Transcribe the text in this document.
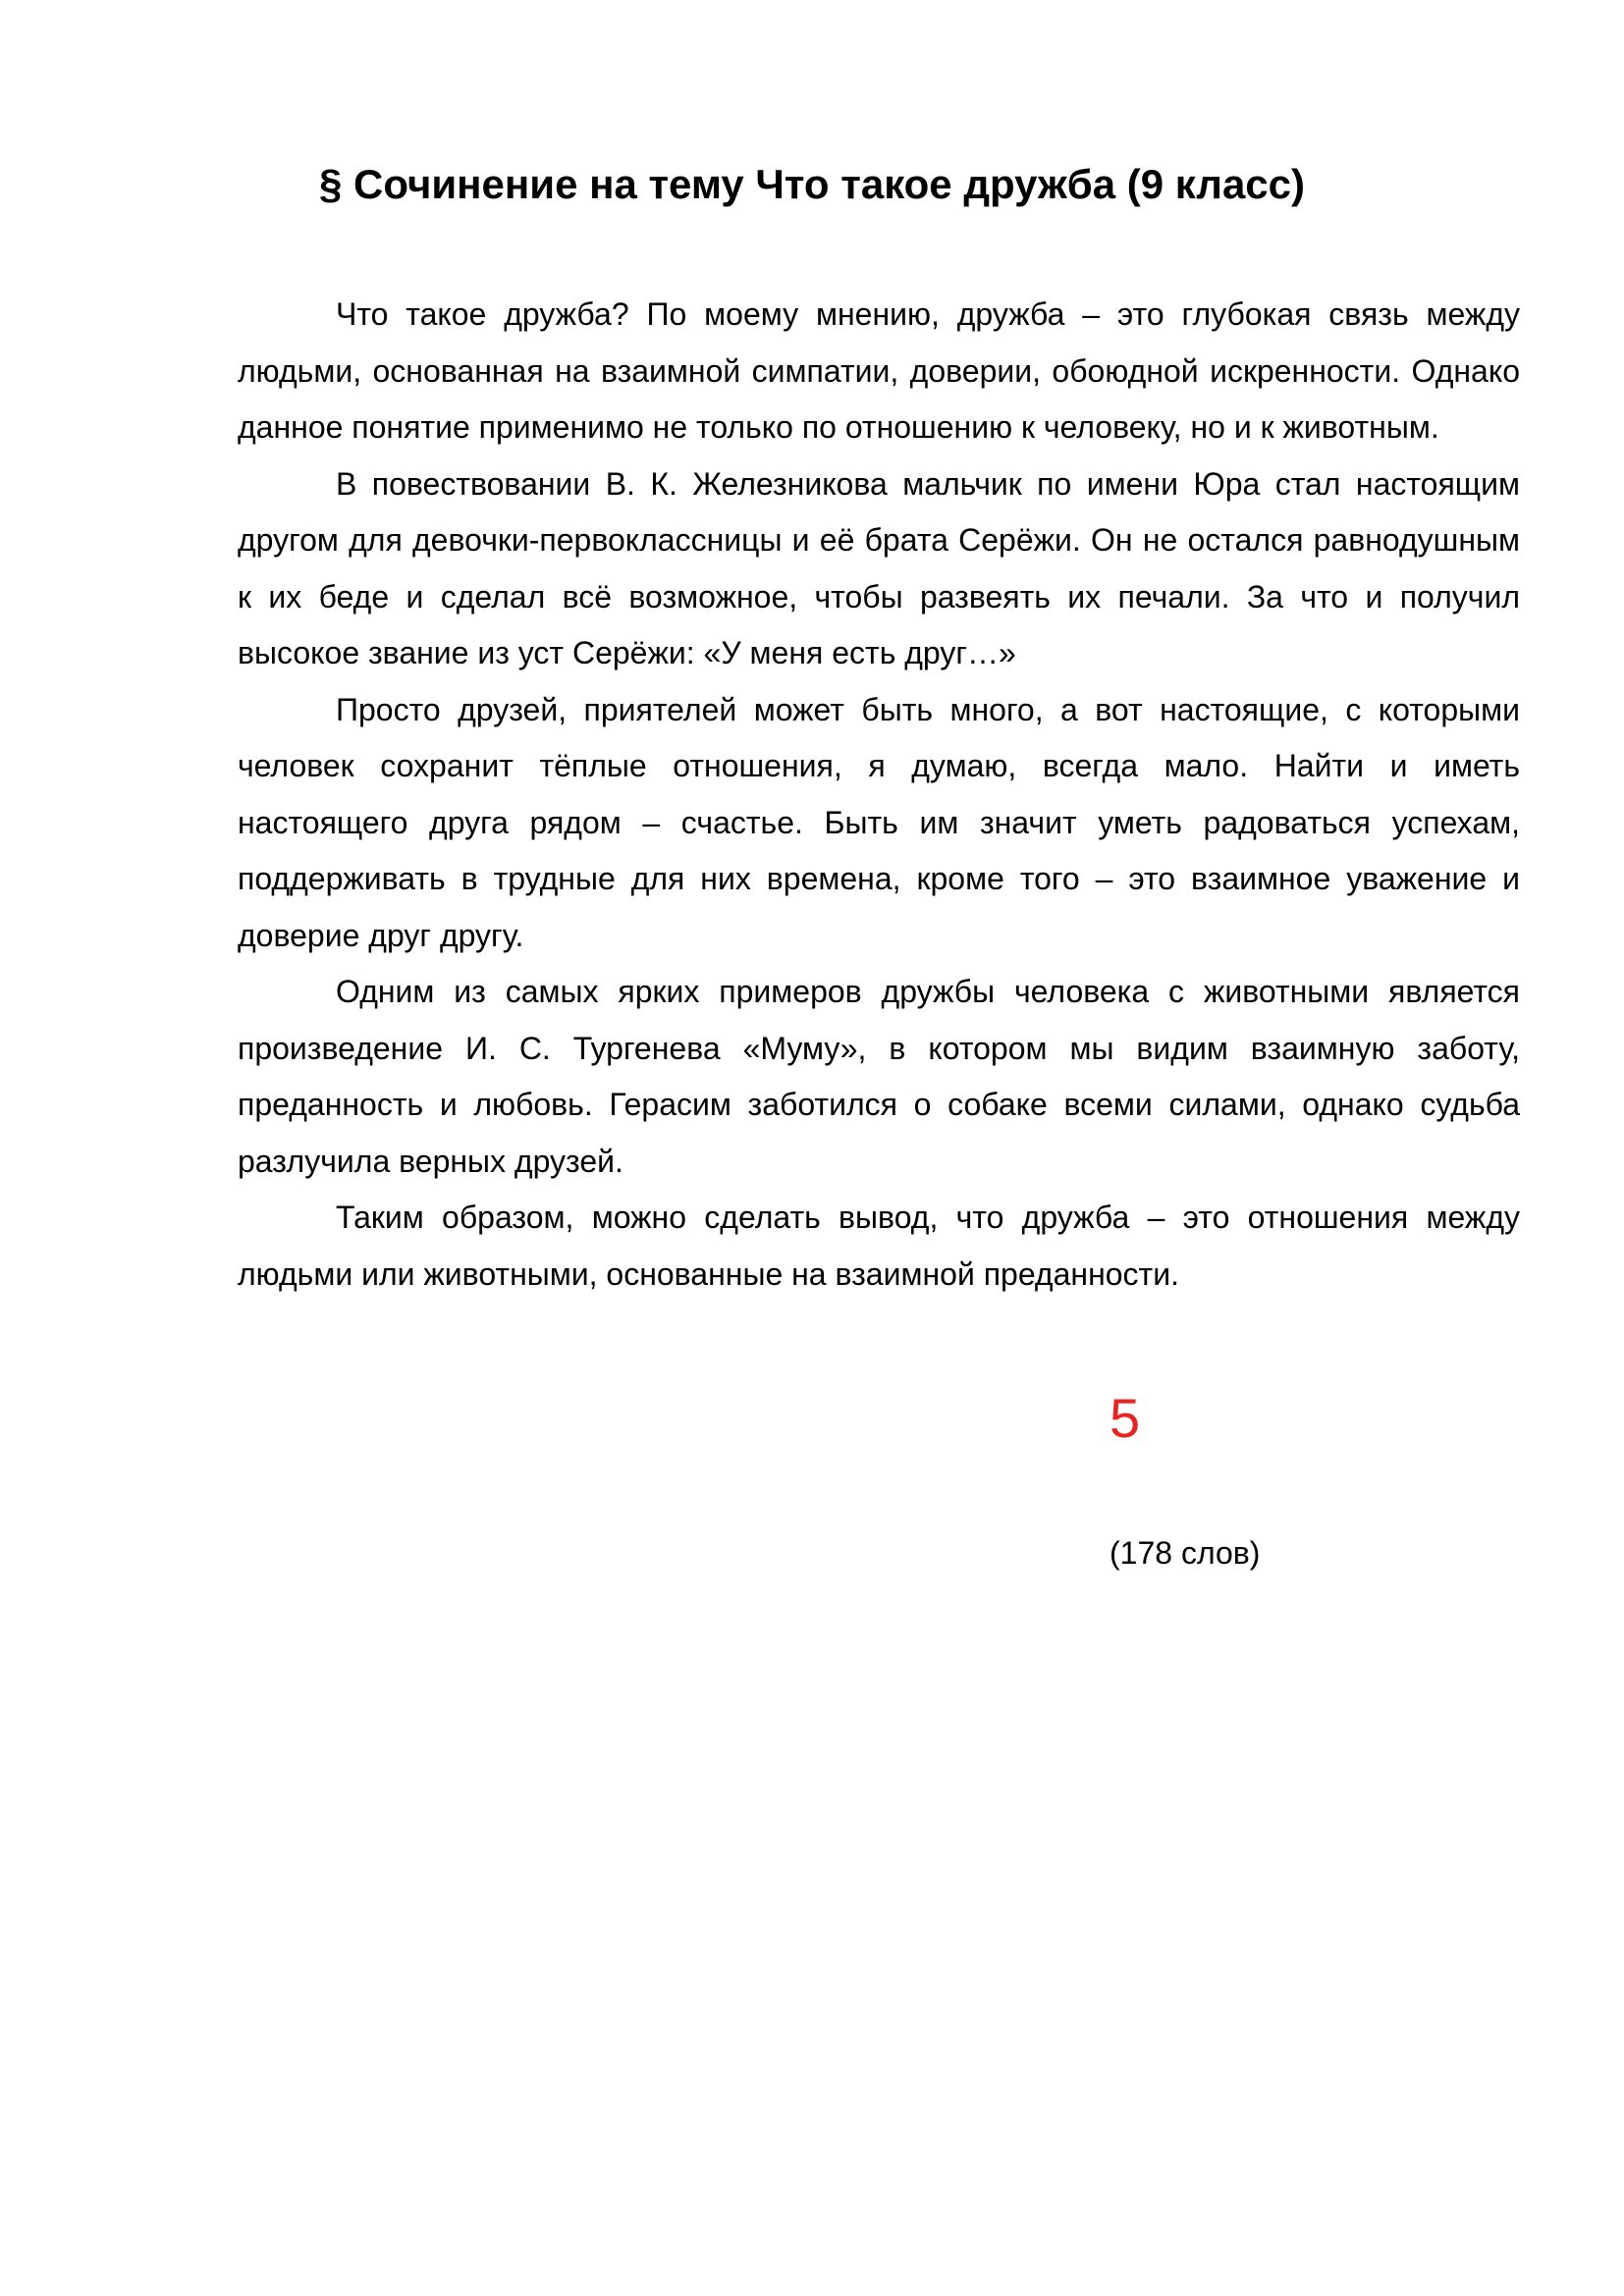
§ Сочинение на тему Что такое дружба (9 класс)

Что такое дружба? По моему мнению, дружба – это глубокая связь между людьми, основанная на взаимной симпатии, доверии, обоюдной искренности. Однако данное понятие применимо не только по отношению к человеку, но и к животным.

В повествовании В. К. Железникова мальчик по имени Юра стал настоящим другом для девочки-первоклассницы и её брата Серёжи. Он не остался равнодушным к их беде и сделал всё возможное, чтобы развеять их печали. За что и получил высокое звание из уст Серёжи: «У меня есть друг…»

Просто друзей, приятелей может быть много, а вот настоящие, с которыми человек сохранит тёплые отношения, я думаю, всегда мало. Найти и иметь настоящего друга рядом – счастье. Быть им значит уметь радоваться успехам, поддерживать в трудные для них времена, кроме того – это взаимное уважение и доверие друг другу.

Одним из самых ярких примеров дружбы человека с животными является произведение И. С. Тургенева «Муму», в котором мы видим взаимную заботу, преданность и любовь. Герасим заботился о собаке всеми силами, однако судьба разлучила верных друзей.

Таким образом, можно сделать вывод, что дружба – это отношения между людьми или животными, основанные на взаимной преданности.

5
(178 слов)
